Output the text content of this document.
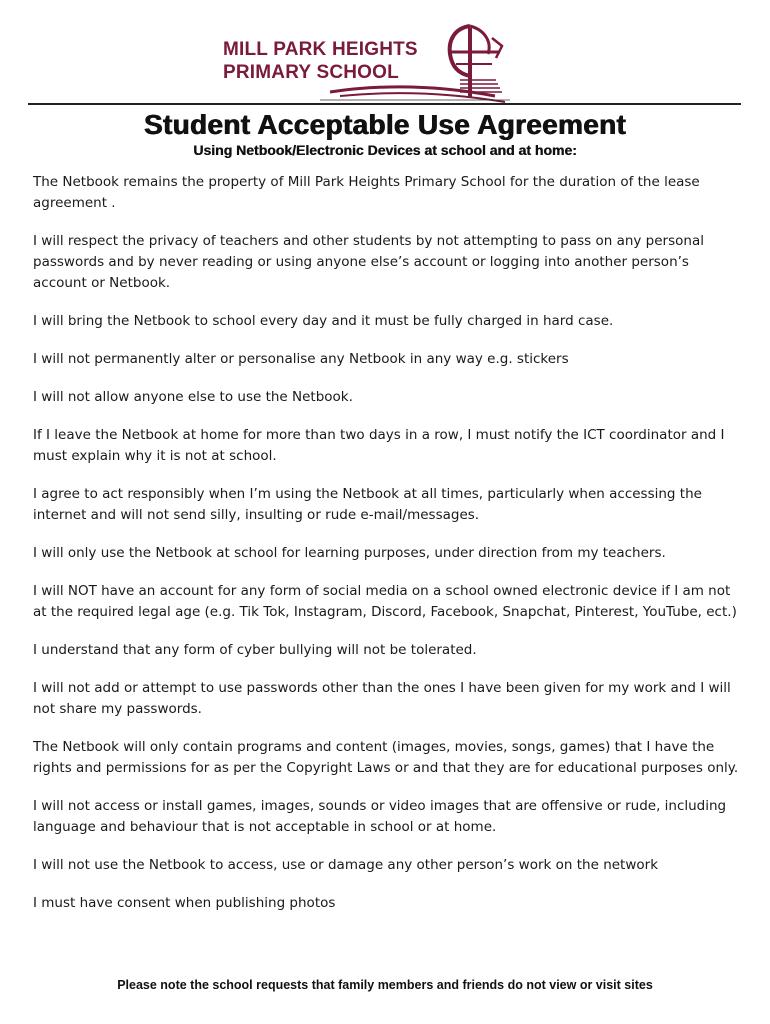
MILL PARK HEIGHTS
PRIMARY SCHOOL
Student Acceptable Use Agreement
Using Netbook/Electronic Devices at school and at home:

The Netbook remains the property of Mill Park Heights Primary School for the duration of the lease agreement .

I will respect the privacy of teachers and other students by not attempting to pass on any personal passwords and by never reading or using anyone else’s account or logging into another person’s account or Netbook.

I will bring the Netbook to school every day and it must be fully charged in hard case.

I will not permanently alter or personalise any Netbook in any way e.g. stickers

I will not allow anyone else to use the Netbook.

If I leave the Netbook at home for more than two days in a row, I must notify the ICT coordinator and I must explain why it is not at school.

I agree to act responsibly when I’m using the Netbook at all times, particularly when accessing the internet and will not send silly, insulting or rude e-mail/messages.

I will only use the Netbook at school for learning purposes, under direction from my teachers.

I will NOT have an account for any form of social media on a school owned electronic device if I am not at the required legal age (e.g. Tik Tok, Instagram, Discord, Facebook, Snapchat, Pinterest, YouTube, ect.)

I understand that any form of cyber bullying will not be tolerated.

I will not add or attempt to use passwords other than the ones I have been given for my work and I will not share my passwords.

The Netbook will only contain programs and content (images, movies, songs, games) that I have the rights and permissions for as per the Copyright Laws or and that they are for educational purposes only.

I will not access or install games, images, sounds or video images that are offensive or rude, including language and behaviour that is not acceptable in school or at home.

I will not use the Netbook to access, use or damage any other person’s work on the network

I must have consent when publishing photos

Please note the school requests that family members and friends do not view or visit sites
